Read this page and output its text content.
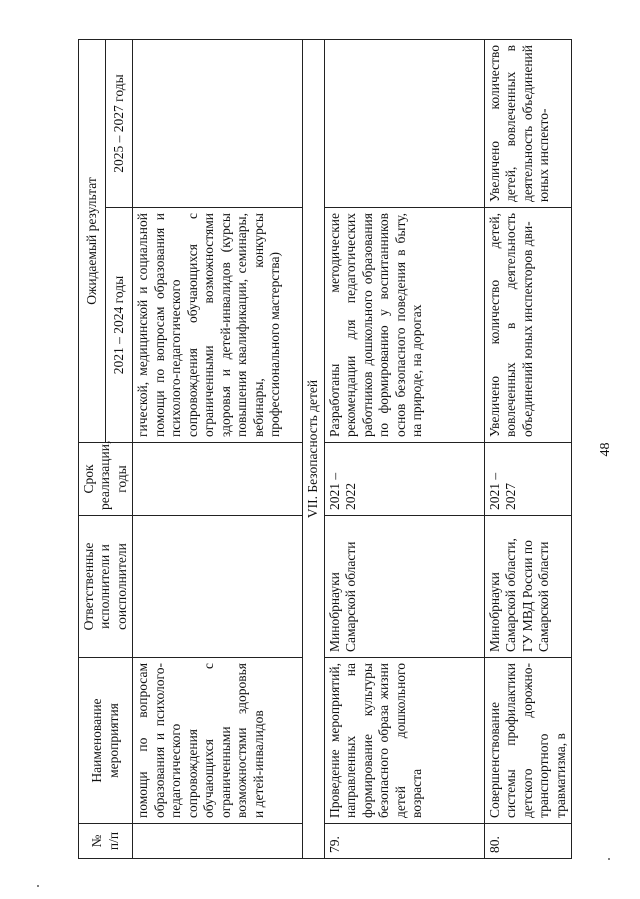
48
№ п/п	Наименование мероприятия	Ответственные исполнители и соисполнители	Срок реализации, годы	Ожидаемый результат	
				2021 – 2024 годы	2025 – 2027 годы
	помощи по вопросам образования и психолого-педагогического сопровождения обучающихся с ограниченными возможностями здоровья и детей-инвалидов			гической, медицинской и социальной помощи по вопросам образования и психолого-педагогического сопровождения обучающихся с ограниченными возможностями здоровья и детей-инвалидов (курсы повышения квалификации, семинары, вебинары, конкурсы профессионального мастерства)	
VII. Безопасность детей					
79.	Проведение мероприятий, направленных на формирование культуры безопасного образа жизни детей дошкольного возраста	Минобрнауки Самарской области	2021 – 2022	Разработаны методические рекомендации для педагогических работников дошкольного образования по формированию у воспитанников основ безопасного поведения в быту, на природе, на дорогах	
80.	Совершенствование системы профилактики детского дорожно-транспортного травматизма, в	Минобрнауки Самарской области, ГУ МВД России по Самарской области	2021 – 2027	Увеличено количество детей, вовлеченных в деятельность объединений юных инспекторов дви-	Увеличено количество детей, вовлеченных в деятельность объединений юных инспекто-
